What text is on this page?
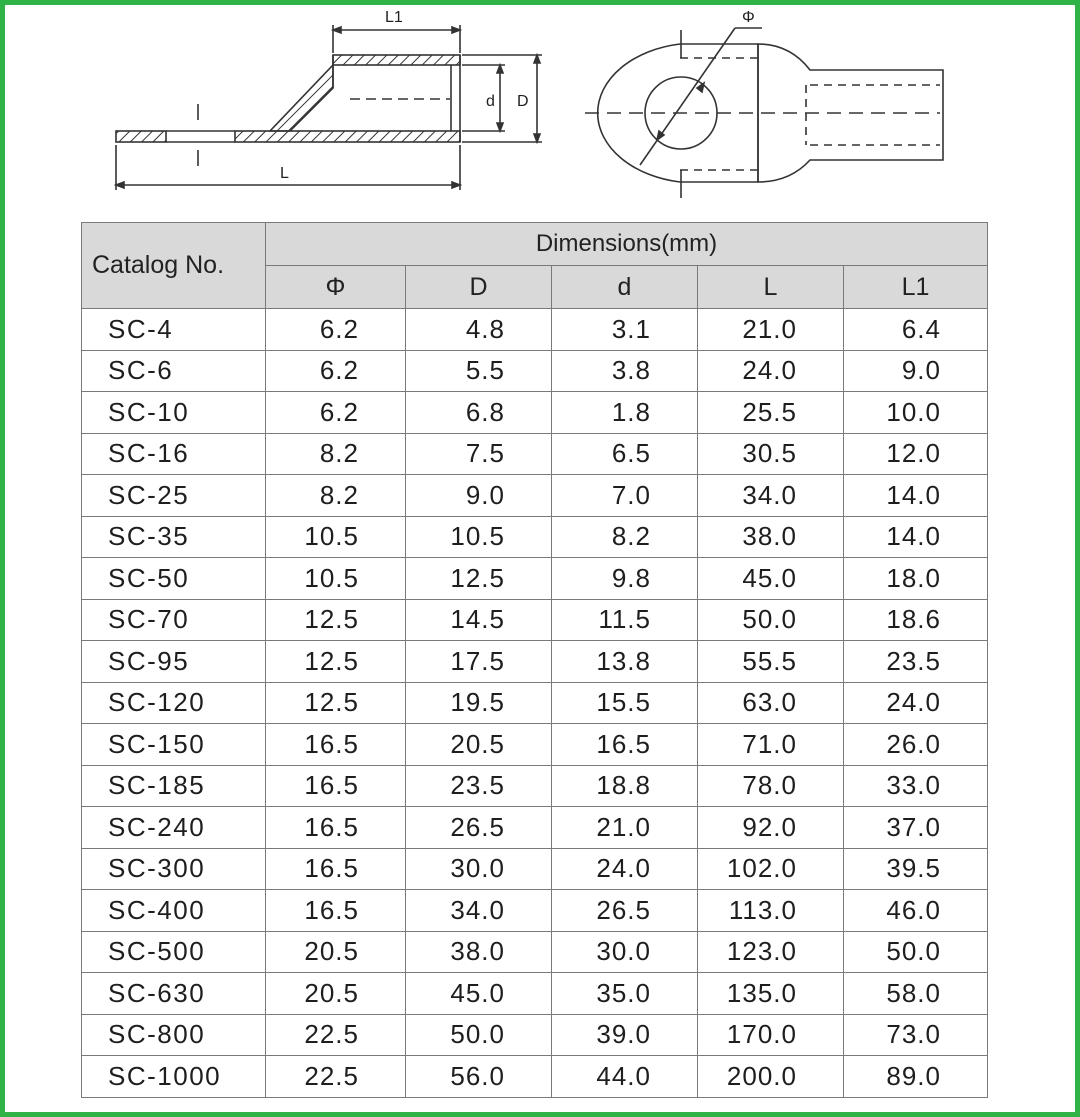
L1
L
d D
Φ
Catalog No.	Dimensions(mm)				
	Φ	D	d	L	L1
SC-4	6.2	4.8	3.1	21.0	6.4
SC-6	6.2	5.5	3.8	24.0	9.0
SC-10	6.2	6.8	1.8	25.5	10.0
SC-16	8.2	7.5	6.5	30.5	12.0
SC-25	8.2	9.0	7.0	34.0	14.0
SC-35	10.5	10.5	8.2	38.0	14.0
SC-50	10.5	12.5	9.8	45.0	18.0
SC-70	12.5	14.5	11.5	50.0	18.6
SC-95	12.5	17.5	13.8	55.5	23.5
SC-120	12.5	19.5	15.5	63.0	24.0
SC-150	16.5	20.5	16.5	71.0	26.0
SC-185	16.5	23.5	18.8	78.0	33.0
SC-240	16.5	26.5	21.0	92.0	37.0
SC-300	16.5	30.0	24.0	102.0	39.5
SC-400	16.5	34.0	26.5	113.0	46.0
SC-500	20.5	38.0	30.0	123.0	50.0
SC-630	20.5	45.0	35.0	135.0	58.0
SC-800	22.5	50.0	39.0	170.0	73.0
SC-1000	22.5	56.0	44.0	200.0	89.0
